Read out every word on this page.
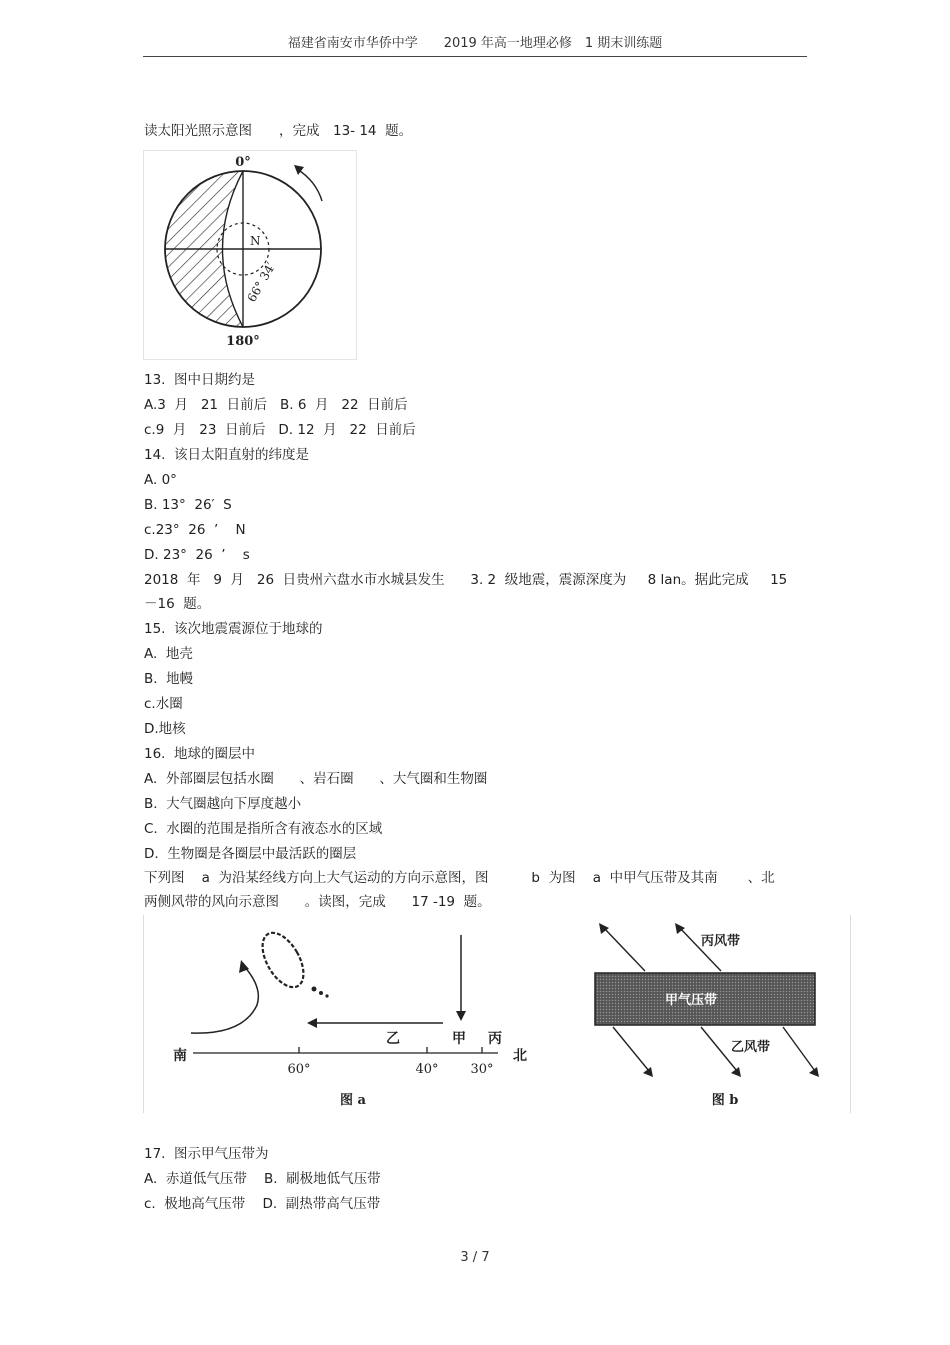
福建省南安市华侨中学　　2019 年高一地理必修　1 期末训练题
读太阳光照示意图　　，完成　13- 14  题。
0°
180°
N
66° 34′
13.  图中日期约是
A.3  月   21  日前后   B. 6  月   22  日前后
c.9  月   23  日前后   D. 12  月   22  日前后
14.  该日太阳直射的纬度是
A. 0°
B. 13°  26′  S
c.23°  26  ’    N
D. 23°  26  ’    s
2018  年   9  月   26  日贵州六盘水市水城县发生      3. 2  级地震，震源深度为     8 lan。据此完成     15
－16  题。
15.  该次地震震源位于地球的
A.  地壳
B.  地幔
c.水圈
D.地核
16.  地球的圈层中
A.  外部圈层包括水圈      、岩石圈      、大气圈和生物圈
B.  大气圈越向下厚度越小
C.  水圈的范围是指所含有液态水的区域
D.  生物圈是各圈层中最活跃的圈层
下列图    a  为沿某经线方向上大气运动的方向示意图，图          b  为图    a  中甲气压带及其南       、北
两侧风带的风向示意图      。读图，完成      17 -19  题。
南	北
60°	40° 30°
乙	甲 丙
图 a
甲气压带
丙风带
乙风带
图 b
17.  图示甲气压带为
A.  赤道低气压带    B.  刷极地低气压带
c.  极地高气压带    D.  副热带高气压带
3 / 7
